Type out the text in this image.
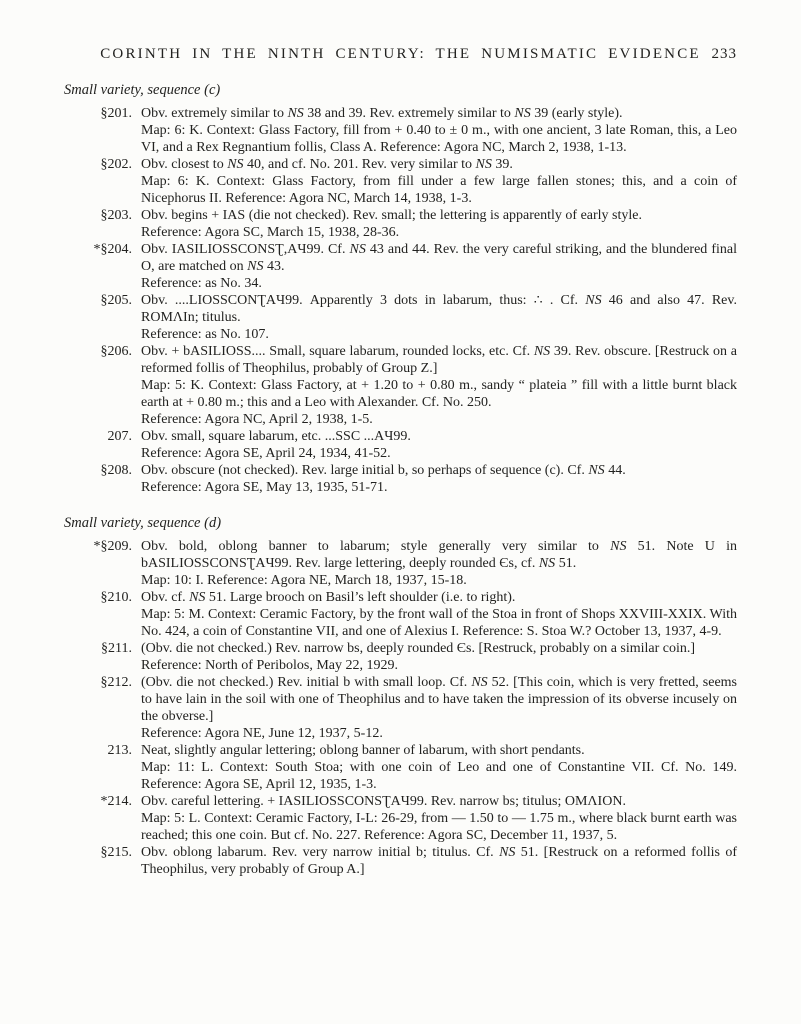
CORINTH IN THE NINTH CENTURY: THE NUMISMATIC EVIDENCE 233
Small variety, sequence (c)
§201. Obv. extremely similar to NS 38 and 39. Rev. extremely similar to NS 39 (early style).
Map: 6: K. Context: Glass Factory, fill from + 0.40 to ± 0 m., with one ancient, 3 late Roman, this, a Leo VI, and a Rex Regnantium follis, Class A. Reference: Agora NC, March 2, 1938, 1-13.
§202. Obv. closest to NS 40, and cf. No. 201. Rev. very similar to NS 39.
Map: 6: K. Context: Glass Factory, from fill under a few large fallen stones; this, and a coin of Nicephorus II. Reference: Agora NC, March 14, 1938, 1-3.
§203. Obv. begins + IAS (die not checked). Rev. small; the lettering is apparently of early style.
Reference: Agora SC, March 15, 1938, 28-36.
*§204. Obv. IASILIOSSCONSƮ,AЧ99. Cf. NS 43 and 44. Rev. the very careful striking, and the blundered final O, are matched on NS 43.
Reference: as No. 34.
§205. Obv. ....LIOSSCONƮAЧ99. Apparently 3 dots in labarum, thus: ∴ . Cf. NS 46 and also 47. Rev. ROMΛIn; titulus.
Reference: as No. 107.
§206. Obv. + bASILIOSS.... Small, square labarum, rounded locks, etc. Cf. NS 39. Rev. obscure. [Restruck on a reformed follis of Theophilus, probably of Group Z.]
Map: 5: K. Context: Glass Factory, at + 1.20 to + 0.80 m., sandy “ plateia ” fill with a little burnt black earth at + 0.80 m.; this and a Leo with Alexander. Cf. No. 250.
Reference: Agora NC, April 2, 1938, 1-5.
207. Obv. small, square labarum, etc. ...SSC ...AЧ99.
Reference: Agora SE, April 24, 1934, 41-52.
§208. Obv. obscure (not checked). Rev. large initial b, so perhaps of sequence (c). Cf. NS 44.
Reference: Agora SE, May 13, 1935, 51-71.
Small variety, sequence (d)
*§209. Obv. bold, oblong banner to labarum; style generally very similar to NS 51. Note U in bASILIOSSCONSƮAЧ99. Rev. large lettering, deeply rounded Єs, cf. NS 51.
Map: 10: I. Reference: Agora NE, March 18, 1937, 15-18.
§210. Obv. cf. NS 51. Large brooch on Basil’s left shoulder (i.e. to right).
Map: 5: M. Context: Ceramic Factory, by the front wall of the Stoa in front of Shops XXVIII-XXIX. With No. 424, a coin of Constantine VII, and one of Alexius I. Reference: S. Stoa W.? October 13, 1937, 4-9.
§211. (Obv. die not checked.) Rev. narrow bs, deeply rounded Єs. [Restruck, probably on a similar coin.]
Reference: North of Peribolos, May 22, 1929.
§212. (Obv. die not checked.) Rev. initial b with small loop. Cf. NS 52. [This coin, which is very fretted, seems to have lain in the soil with one of Theophilus and to have taken the impression of its obverse incusely on the obverse.]
Reference: Agora NE, June 12, 1937, 5-12.
213. Neat, slightly angular lettering; oblong banner of labarum, with short pendants.
Map: 11: L. Context: South Stoa; with one coin of Leo and one of Constantine VII. Cf. No. 149. Reference: Agora SE, April 12, 1935, 1-3.
*214. Obv. careful lettering. + IASILIOSSCONSƮAЧ99. Rev. narrow bs; titulus; OMΛION.
Map: 5: L. Context: Ceramic Factory, I-L: 26-29, from — 1.50 to — 1.75 m., where black burnt earth was reached; this one coin. But cf. No. 227. Reference: Agora SC, December 11, 1937, 5.
§215. Obv. oblong labarum. Rev. very narrow initial b; titulus. Cf. NS 51. [Restruck on a reformed follis of Theophilus, very probably of Group A.]
